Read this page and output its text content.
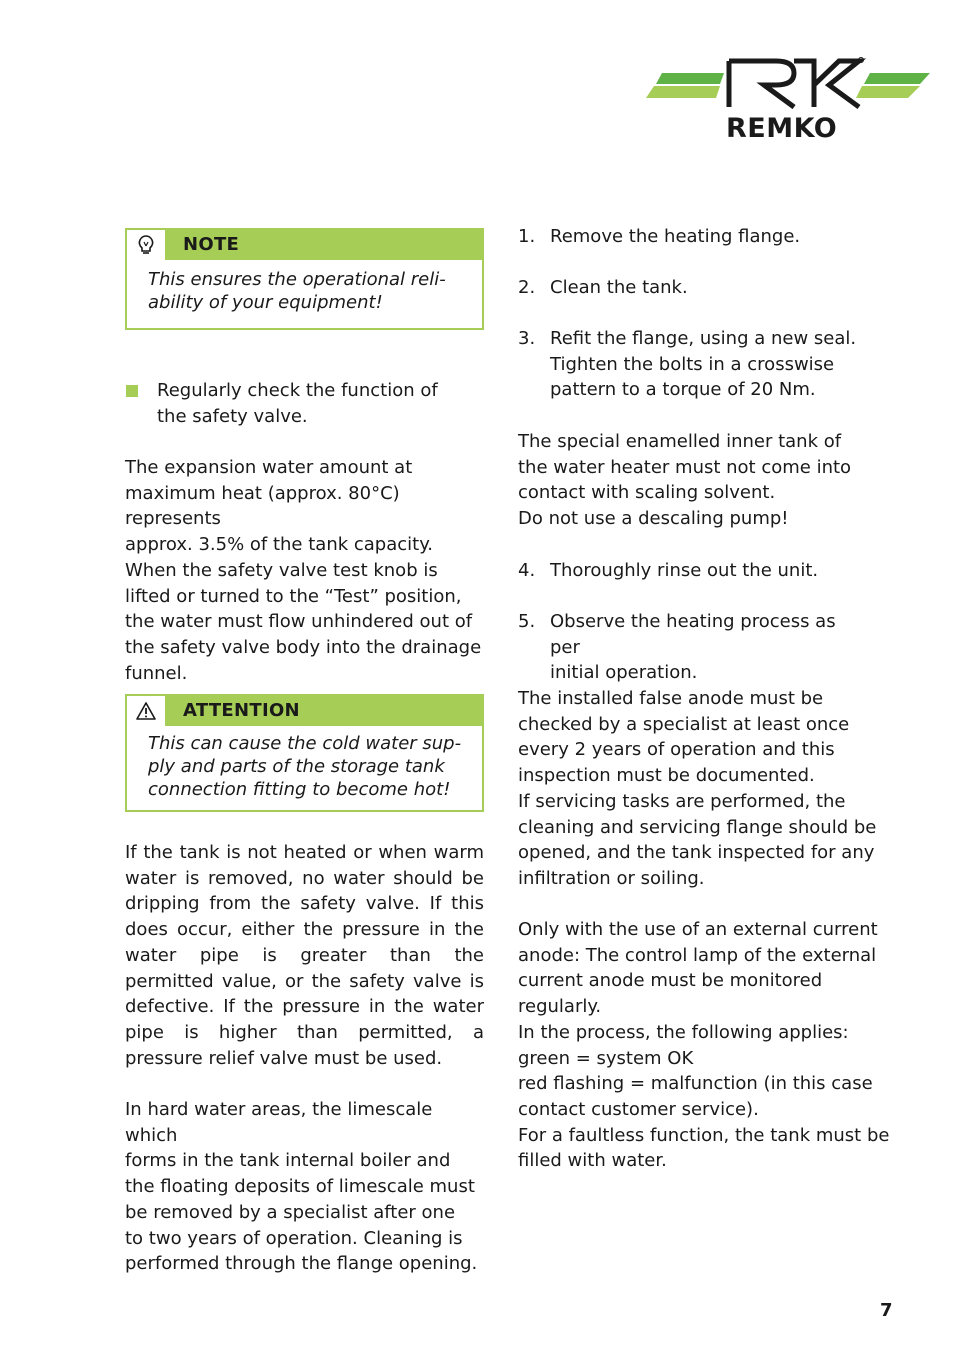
REMKO
NOTE
This ensures the operational reli-
ability of your equipment!
Regularly check the function of
the safety valve.
The expansion water amount at
maximum heat (approx. 80°C) represents
approx. 3.5% of the tank capacity.
When the safety valve test knob is
lifted or turned to the “Test” position,
the water must flow unhindered out of
the safety valve body into the drainage
funnel.
ATTENTION
This can cause the cold water sup-
ply and parts of the storage tank
connection fitting to become hot!
If the tank is not heated or when warm water is removed, no water should be dripping from the safety valve. If this does occur, either the pressure in the water pipe is greater than the permitted value, or the safety valve is defective. If the pressure in the water pipe is higher than permitted, a pressure relief valve must be used.
In hard water areas, the limescale which
forms in the tank internal boiler and
the floating deposits of limescale must
be removed by a specialist after one
to two years of operation. Cleaning is
performed through the flange opening.
1. Remove the heating flange.
2. Clean the tank.
3. Refit the flange, using a new seal.
Tighten the bolts in a crosswise
pattern to a torque of 20 Nm.
The special enamelled inner tank of
the water heater must not come into
contact with scaling solvent.
Do not use a descaling pump!
4. Thoroughly rinse out the unit.
5. Observe the heating process as per
initial operation.
The installed false anode must be
checked by a specialist at least once
every 2 years of operation and this
inspection must be documented.
If servicing tasks are performed, the
cleaning and servicing flange should be
opened, and the tank inspected for any
infiltration or soiling.
Only with the use of an external current
anode: The control lamp of the external
current anode must be monitored
regularly.
In the process, the following applies:
green = system OK
red flashing = malfunction (in this case
contact customer service).
For a faultless function, the tank must be
filled with water.
7
